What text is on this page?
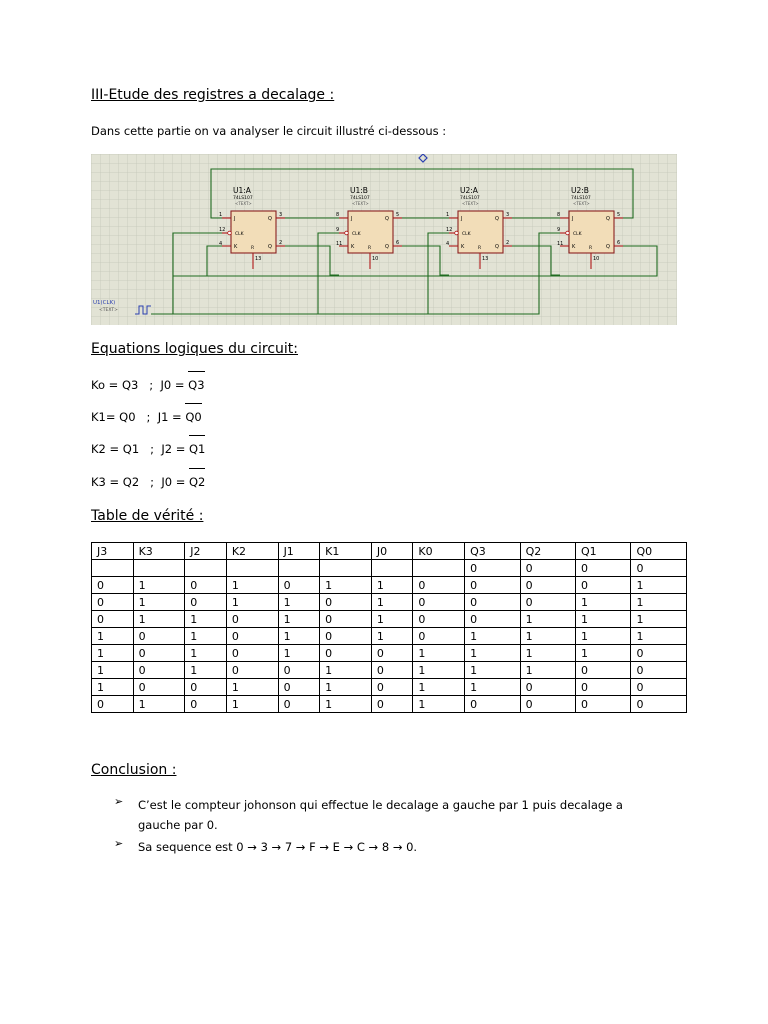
III-Etude des registres a decalage :
Dans cette partie on va analyser le circuit illustré ci-dessous :
U1:A
74LS107
<TEXT>
J
CLK
K
Q
Q
R
1
12
4
3
2
13
U1:B
74LS107
<TEXT>
J
CLK
K
Q
Q
R
8
9
11
5
6
10
U2:A
74LS107
<TEXT>
J
CLK
K
Q
Q
R
1
12
4
3
2
13
U2:B
74LS107
<TEXT>
J
CLK
K
Q
Q
R
8
9
11
5
6
10
U1(CLK)
<TEXT>
Equations logiques du circuit:
Ko = Q3   ;  J0 = Q3
K1= Q0   ;  J1 = Q0
K2 = Q1   ;  J2 = Q1
K3 = Q2   ;  J0 = Q2
Table de vérité :
J3	K3	J2	K2	J1	K1	J0	K0	Q3	Q2	Q1	Q0
								0	0	0	0
0	1	0	1	0	1	1	0	0	0	0	1
0	1	0	1	1	0	1	0	0	0	1	1
0	1	1	0	1	0	1	0	0	1	1	1
1	0	1	0	1	0	1	0	1	1	1	1
1	0	1	0	1	0	0	1	1	1	1	0
1	0	1	0	0	1	0	1	1	1	0	0
1	0	0	1	0	1	0	1	1	0	0	0
0	1	0	1	0	1	0	1	0	0	0	0
Conclusion :
➢	C’est le compteur johonson qui effectue le decalage a gauche par 1 puis decalage a gauche par 0.
➢	Sa sequence est 0 → 3 → 7 → F → E → C → 8 → 0.
